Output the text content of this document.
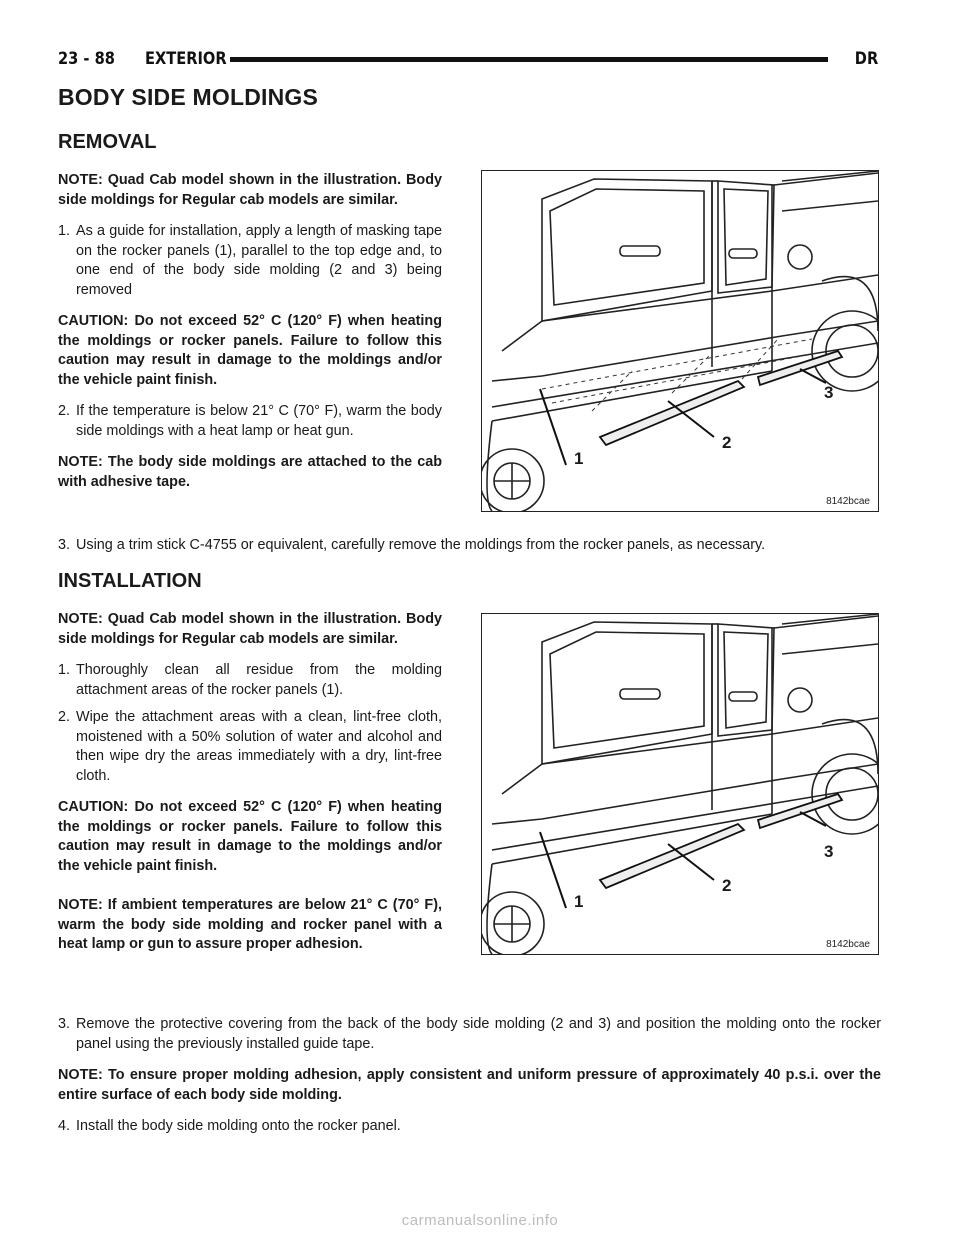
23 - 88 EXTERIOR	DR
BODY SIDE MOLDINGS
REMOVAL

NOTE: Quad Cab model shown in the illustration. Body side moldings for Regular cab models are similar.

1. As a guide for installation, apply a length of masking tape on the rocker panels (1), parallel to the top edge and, to one end of the body side molding (2 and 3) being removed

CAUTION: Do not exceed 52° C (120° F) when heating the moldings or rocker panels. Failure to follow this caution may result in damage to the moldings and/or the vehicle paint finish.

2. If the temperature is below 21° C (70° F), warm the body side moldings with a heat lamp or heat gun.

NOTE: The body side moldings are attached to the cab with adhesive tape.

1
2
3
8142bcae
3. Using a trim stick C-4755 or equivalent, carefully remove the moldings from the rocker panels, as necessary.
INSTALLATION

NOTE: Quad Cab model shown in the illustration. Body side moldings for Regular cab models are similar.

1. Thoroughly clean all residue from the molding attachment areas of the rocker panels (1).
2. Wipe the attachment areas with a clean, lint-free cloth, moistened with a 50% solution of water and alcohol and then wipe dry the areas immediately with a dry, lint-free cloth.

CAUTION: Do not exceed 52° C (120° F) when heating the moldings or rocker panels. Failure to follow this caution may result in damage to the moldings and/or the vehicle paint finish.

NOTE: If ambient temperatures are below 21° C (70° F), warm the body side molding and rocker panel with a heat lamp or gun to assure proper adhesion.

1
2
3
8142bcae
3. Remove the protective covering from the back of the body side molding (2 and 3) and position the molding onto the rocker panel using the previously installed guide tape.

NOTE: To ensure proper molding adhesion, apply consistent and uniform pressure of approximately 40 p.s.i. over the entire surface of each body side molding.

4. Install the body side molding onto the rocker panel.
carmanualsonline.info
